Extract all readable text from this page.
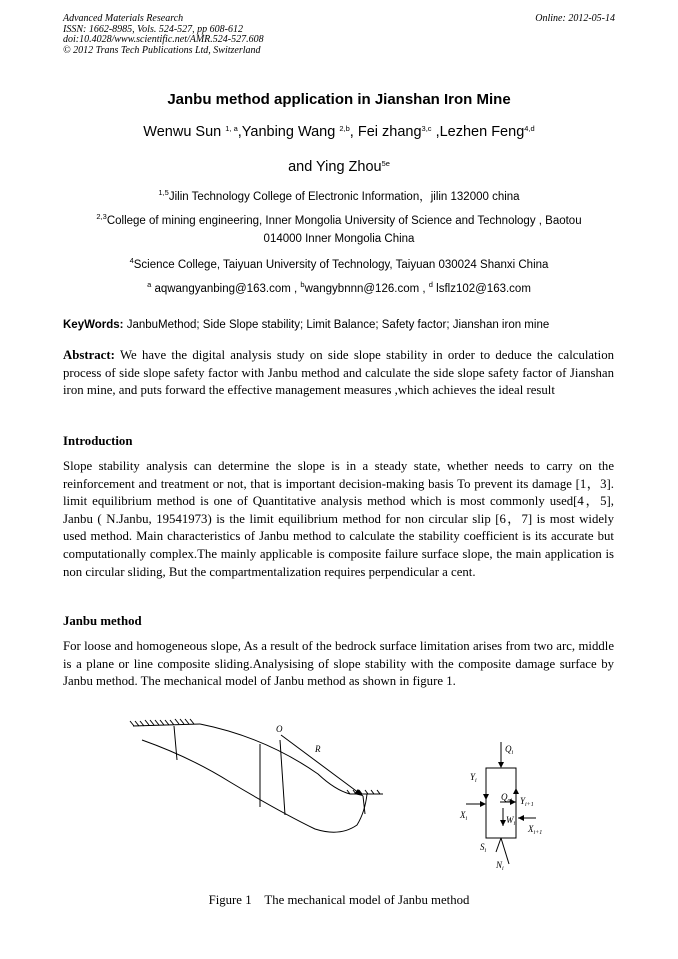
Advanced Materials Research
ISSN: 1662-8985, Vols. 524-527, pp 608-612
doi:10.4028/www.scientific.net/AMR.524-527.608
© 2012 Trans Tech Publications Ltd, Switzerland
Online: 2012-05-14
Janbu method application in Jianshan Iron Mine
Wenwu Sun $^{1, a}$,Yanbing Wang $^{2,b}$, Fei zhang$^{3,c}$ ,Lezhen Feng$^{4,d}$
and Ying Zhou$^{5e}$
$^{1,5}$Jilin Technology College of Electronic Information，jilin 132000 china
$^{2,3}$College of mining engineering, Inner Mongolia University of Science and Technology , Baotou
014000 Inner Mongolia China
$^4$Science College, Taiyuan University of Technology, Taiyuan 030024 Shanxi China
$^a$ aqwangyanbing@163.com , $^b$wangybnnn@126.com , $^d$ lsflz102@163.com
KeyWords: JanbuMethod; Side Slope stability; Limit Balance; Safety factor; Jianshan iron mine
Abstract: We have the digital analysis study on side slope stability in order to deduce the calculation process of side slope safety factor with Janbu method and calculate the side slope safety factor of Jianshan iron mine, and puts forward the effective management measures ,which achieves the ideal result
Introduction
Slope stability analysis can determine the slope is in a steady state, whether needs to carry on the reinforcement and treatment or not, that is important decision-making basis To prevent its damage [1，3].　limit equilibrium method is one of Quantitative analysis method which is most commonly used[4，5], Janbu ( N.Janbu, 19541973) is the limit equilibrium method for non circular slip [6，7] is most widely used method. Main characteristics of Janbu method to calculate the stability coefficient is its accurate but computationally complex.The mainly applicable is composite failure surface slope, the main application is non circular sliding, But the compartmentalization requires perpendicular a cent.
Janbu method
For loose and homogeneous slope, As a result of the bedrock surface limitation arises from two arc, middle is a plane or line composite sliding.Analysising of slope stability with the composite damage surface by Janbu method. The mechanical model of Janbu method as shown in figure 1.
O
R	$Q_i$
$Y_i$
$Y_{i+1}$
$X_i$
$X_{i+1}$
$Q_{ai}$
$W_i$
$S_i$
$N_i$
Figure 1　The mechanical model of Janbu method
